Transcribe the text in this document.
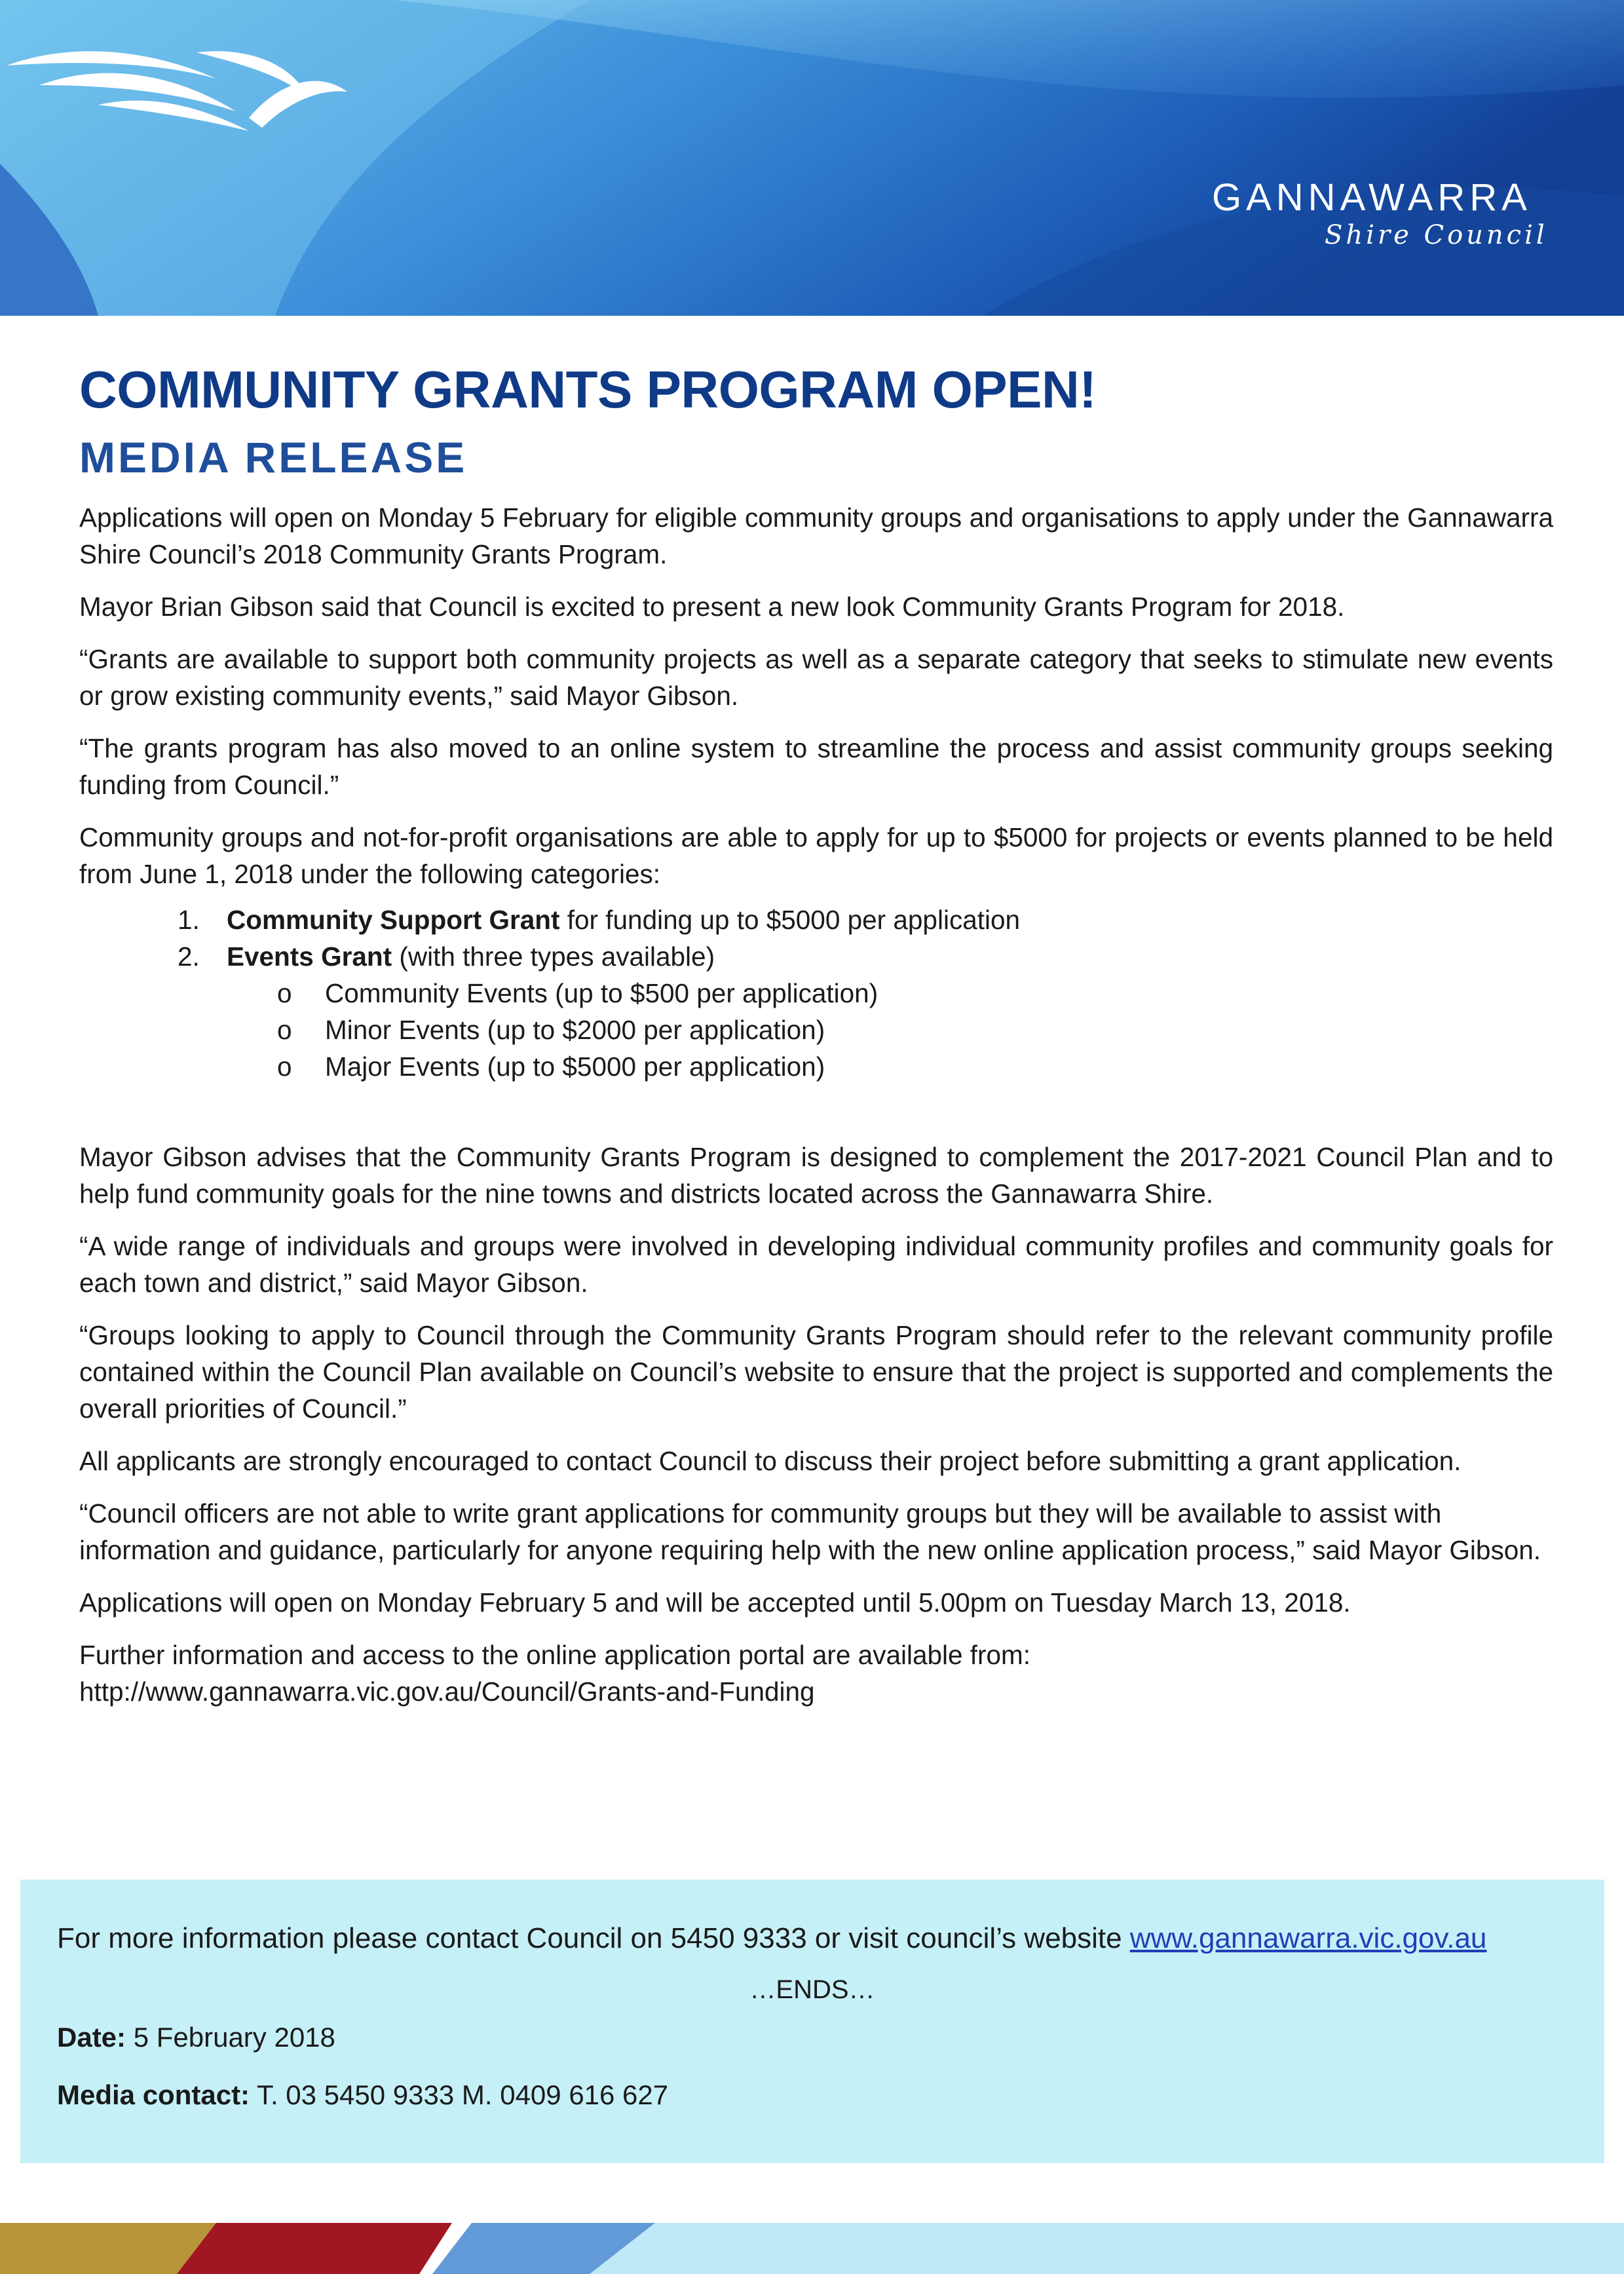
GANNAWARRA
Shire Council
COMMUNITY GRANTS PROGRAM OPEN!
MEDIA RELEASE

Applications will open on Monday 5 February for eligible community groups and organisations to apply under the Gannawarra Shire Council’s 2018 Community Grants Program.

Mayor Brian Gibson said that Council is excited to present a new look Community Grants Program for 2018.

“Grants are available to support both community projects as well as a separate category that seeks to stimulate new events or grow existing community events,” said Mayor Gibson.

“The grants program has also moved to an online system to streamline the process and assist community groups seeking funding from Council.”

Community groups and not-for-profit organisations are able to apply for up to $5000 for projects or events planned to be held from June 1, 2018 under the following categories:

1. Community Support Grant for funding up to $5000 per application
2. Events Grant (with three types available)
o Community Events (up to $500 per application)
o Minor Events (up to $2000 per application)
o Major Events (up to $5000 per application)

Mayor Gibson advises that the Community Grants Program is designed to complement the 2017-2021 Council Plan and to help fund community goals for the nine towns and districts located across the Gannawarra Shire.

“A wide range of individuals and groups were involved in developing individual community profiles and community goals for each town and district,” said Mayor Gibson.

“Groups looking to apply to Council through the Community Grants Program should refer to the relevant community profile contained within the Council Plan available on Council’s website to ensure that the project is supported and complements the overall priorities of Council.”

All applicants are strongly encouraged to contact Council to discuss their project before submitting a grant application.

“Council officers are not able to write grant applications for community groups but they will be available to assist with information and guidance, particularly for anyone requiring help with the new online application process,” said Mayor Gibson.

Applications will open on Monday February 5 and will be accepted until 5.00pm on Tuesday March 13, 2018.

Further information and access to the online application portal are available from:
http://www.gannawarra.vic.gov.au/Council/Grants-and-Funding

For more information please contact Council on 5450 9333 or visit council’s website www.gannawarra.vic.gov.au
…ENDS…
Date: 5 February 2018
Media contact: T. 03 5450 9333 M. 0409 616 627
